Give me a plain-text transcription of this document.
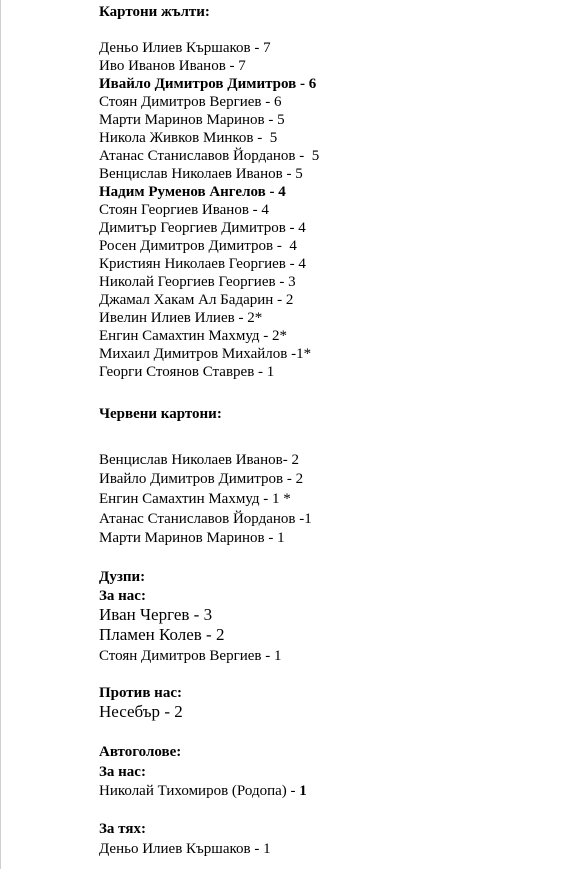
Картони жълти:
Деньо Илиев Кършаков - 7
Иво Иванов Иванов - 7
Ивайло Димитров Димитров - 6
Стоян Димитров Вергиев - 6
Марти Маринов Маринов - 5
Никола Живков Минков -  5
Атанас Станиславов Йорданов -  5
Венцислав Николаев Иванов - 5
Надим Руменов Ангелов - 4
Стоян Георгиев Иванов - 4
Димитър Георгиев Димитров - 4
Росен Димитров Димитров -  4
Кристиян Николаев Георгиев - 4
Николай Георгиев Георгиев - 3
Джамал Хакам Ал Бадарин - 2
Ивелин Илиев Илиев - 2*
Енгин Самахтин Махмуд - 2*
Михаил Димитров Михайлов -1*
Георги Стоянов Ставрев - 1
Червени картони:
Венцислав Николаев Иванов- 2
Ивайло Димитров Димитров - 2
Енгин Самахтин Махмуд - 1 *
Атанас Станиславов Йорданов -1
Марти Маринов Маринов - 1
Дузпи:
За нас:
Иван Чергев - 3
Пламен Колев - 2
Стоян Димитров Вергиев - 1
Против нас:
Несебър - 2
Автоголове:
За нас:
Николай Тихомиров (Родопа) - 1
За тях:
Деньо Илиев Кършаков - 1
